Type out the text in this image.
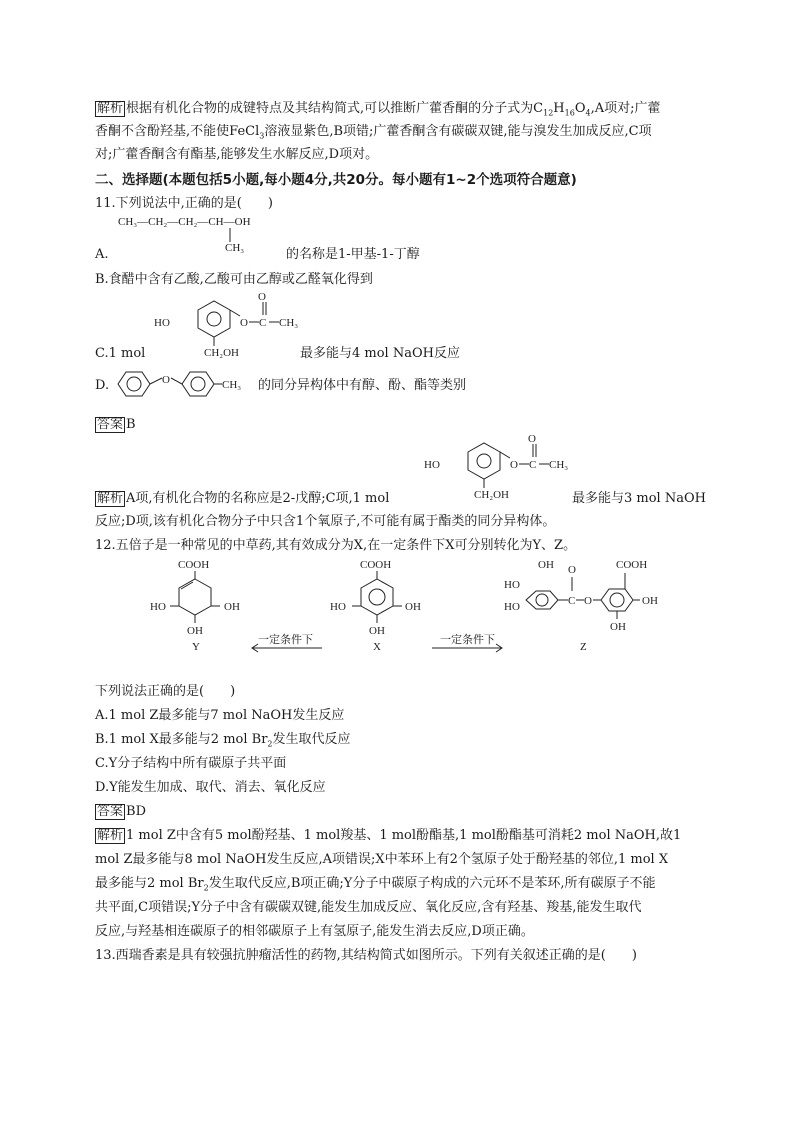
解析 根据有机化合物的成键特点及其结构简式,可以推断广藿香酮的分子式为$C_{12}H_{16}O_4,A$项对;广藿
香酮不含酚羟基,不能使FeCl$_3$溶液显紫色,B项错;广藿香酮含有碳碳双键,能与溴发生加成反应,C项
对;广藿香酮含有酯基,能够发生水解反应,D项对。
二、选择题(本题包括5小题,每小题4分,共20分。每小题有1~2个选项符合题意)
11.下列说法中,正确的是(　　)
CH₃—CH₂—CH₂—CH—OH
CH₃
A.	的名称是1-甲基-1-丁醇
B.食醋中含有乙酸,乙酸可由乙醇或乙醛氧化得到
HO	O C
O
CH₃
CH₂OH
C.1 mol	最多能与4 mol NaOH反应
D.	O	CH₃ 的同分异构体中有醇、酚、酯等类别
答案 B
HO	O C
O
CH₃
CH₂OH
解析 A项,有机化合物的名称应是2-戊醇;C项,1 mol	最多能与3 mol NaOH
反应;D项,该有机化合物分子中只含1个氧原子,不可能有属于酯类的同分异构体。
12.五倍子是一种常见的中草药,其有效成分为X,在一定条件下X可分别转化为Y、Z。
COOH
HO	OH
OH
Y
一定条件下
COOH
HO	OH
OH
X
一定条件下
OH
HO
HO	C
O
O
COOH
OH
OH
Z
下列说法正确的是(　　)
A.1 mol Z最多能与7 mol NaOH发生反应
B.1 mol X最多能与2 mol $Br_2$发生取代反应
C.Y分子结构中所有碳原子共平面
D.Y能发生加成、取代、消去、氧化反应
答案 BD
解析 1 mol Z中含有5 mol酚羟基、1 mol羧基、1 mol酚酯基,1 mol酚酯基可消耗2 mol NaOH,故1
mol Z最多能与8 mol NaOH发生反应,A项错误;X中苯环上有2个氢原子处于酚羟基的邻位,1 mol X
最多能与2 mol $Br_2$发生取代反应,B项正确;Y分子中碳原子构成的六元环不是苯环,所有碳原子不能
共平面,C项错误;Y分子中含有碳碳双键,能发生加成反应、氧化反应,含有羟基、羧基,能发生取代
反应,与羟基相连碳原子的相邻碳原子上有氢原子,能发生消去反应,D项正确。
13.西瑞香素是具有较强抗肿瘤活性的药物,其结构简式如图所示。下列有关叙述正确的是(　　)
